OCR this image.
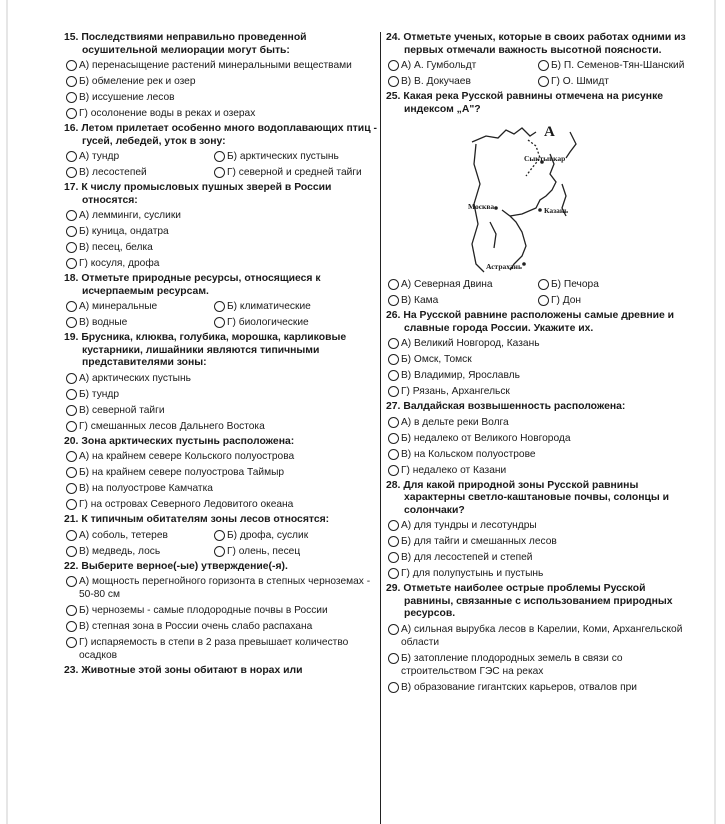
15. Последствиями неправильно проведенной осушительной мелиорации могут быть:
А) перенасыщение растений минеральными веществами
Б) обмеление рек и озер
В) иссушение лесов
Г) осолонение воды в реках и озерах
16. Летом прилетает особенно много водоплавающих птиц - гусей, лебедей, уток в зону:
А) тундр	Б) арктических пустынь
В) лесостепей	Г) северной и средней тайги
17. К числу промысловых пушных зверей в России относятся:
А) лемминги, суслики
Б) куница, ондатра
В) песец, белка
Г) косуля, дрофа
18. Отметьте природные ресурсы, относящиеся к исчерпаемым ресурсам.
А) минеральные	Б) климатические
В) водные	Г) биологические
19. Брусника, клюква, голубика, морошка, карликовые кустарники, лишайники являются типичными представителями зоны:
А) арктических пустынь
Б) тундр
В) северной тайги
Г) смешанных лесов Дальнего Востока
20. Зона арктических пустынь расположена:
А) на крайнем севере Кольского полуострова
Б) на крайнем севере полуострова Таймыр
В) на полуострове Камчатка
Г) на островах Северного Ледовитого океана
21. К типичным обитателям зоны лесов относятся:
А) соболь, тетерев	Б) дрофа, суслик
В) медведь, лось	Г) олень, песец
22. Выберите верное(-ые) утверждение(-я).
А) мощность перегнойного горизонта в степных черноземах - 50-80 см
Б) черноземы - самые плодородные почвы в России
В) степная зона в России очень слабо распахана
Г) испаряемость в степи в 2 раза превышает количество осадков
23. Животные этой зоны обитают в норах или
24. Отметьте ученых, которые в своих работах одними из первых отмечали важность высотной поясности.
А) А. Гумбольдт	Б) П. Семенов-Тян-Шанский
В) В. Докучаев	Г) О. Шмидт
25. Какая река Русской равнины отмечена на рисунке индексом „А"?
А
Сыктывкар
Москва	Казань
Астрахань
А) Северная Двина	Б) Печора
В) Кама	Г) Дон
26. На Русской равнине расположены самые древние и славные города России. Укажите их.
А) Великий Новгород, Казань
Б) Омск, Томск
В) Владимир, Ярославль
Г) Рязань, Архангельск
27. Валдайская возвышенность расположена:
А) в дельте реки Волга
Б) недалеко от Великого Новгорода
В) на Кольском полуострове
Г) недалеко от Казани
28. Для какой природной зоны Русской равнины характерны светло-каштановые почвы, солонцы и солончаки?
А) для тундры и лесотундры
Б) для тайги и смешанных лесов
В) для лесостепей и степей
Г) для полупустынь и пустынь
29. Отметьте наиболее острые проблемы Русской равнины, связанные с использованием природных ресурсов.
А) сильная вырубка лесов в Карелии, Коми, Архангельской области
Б) затопление плодородных земель в связи со строительством ГЭС на реках
В) образование гигантских карьеров, отвалов при
